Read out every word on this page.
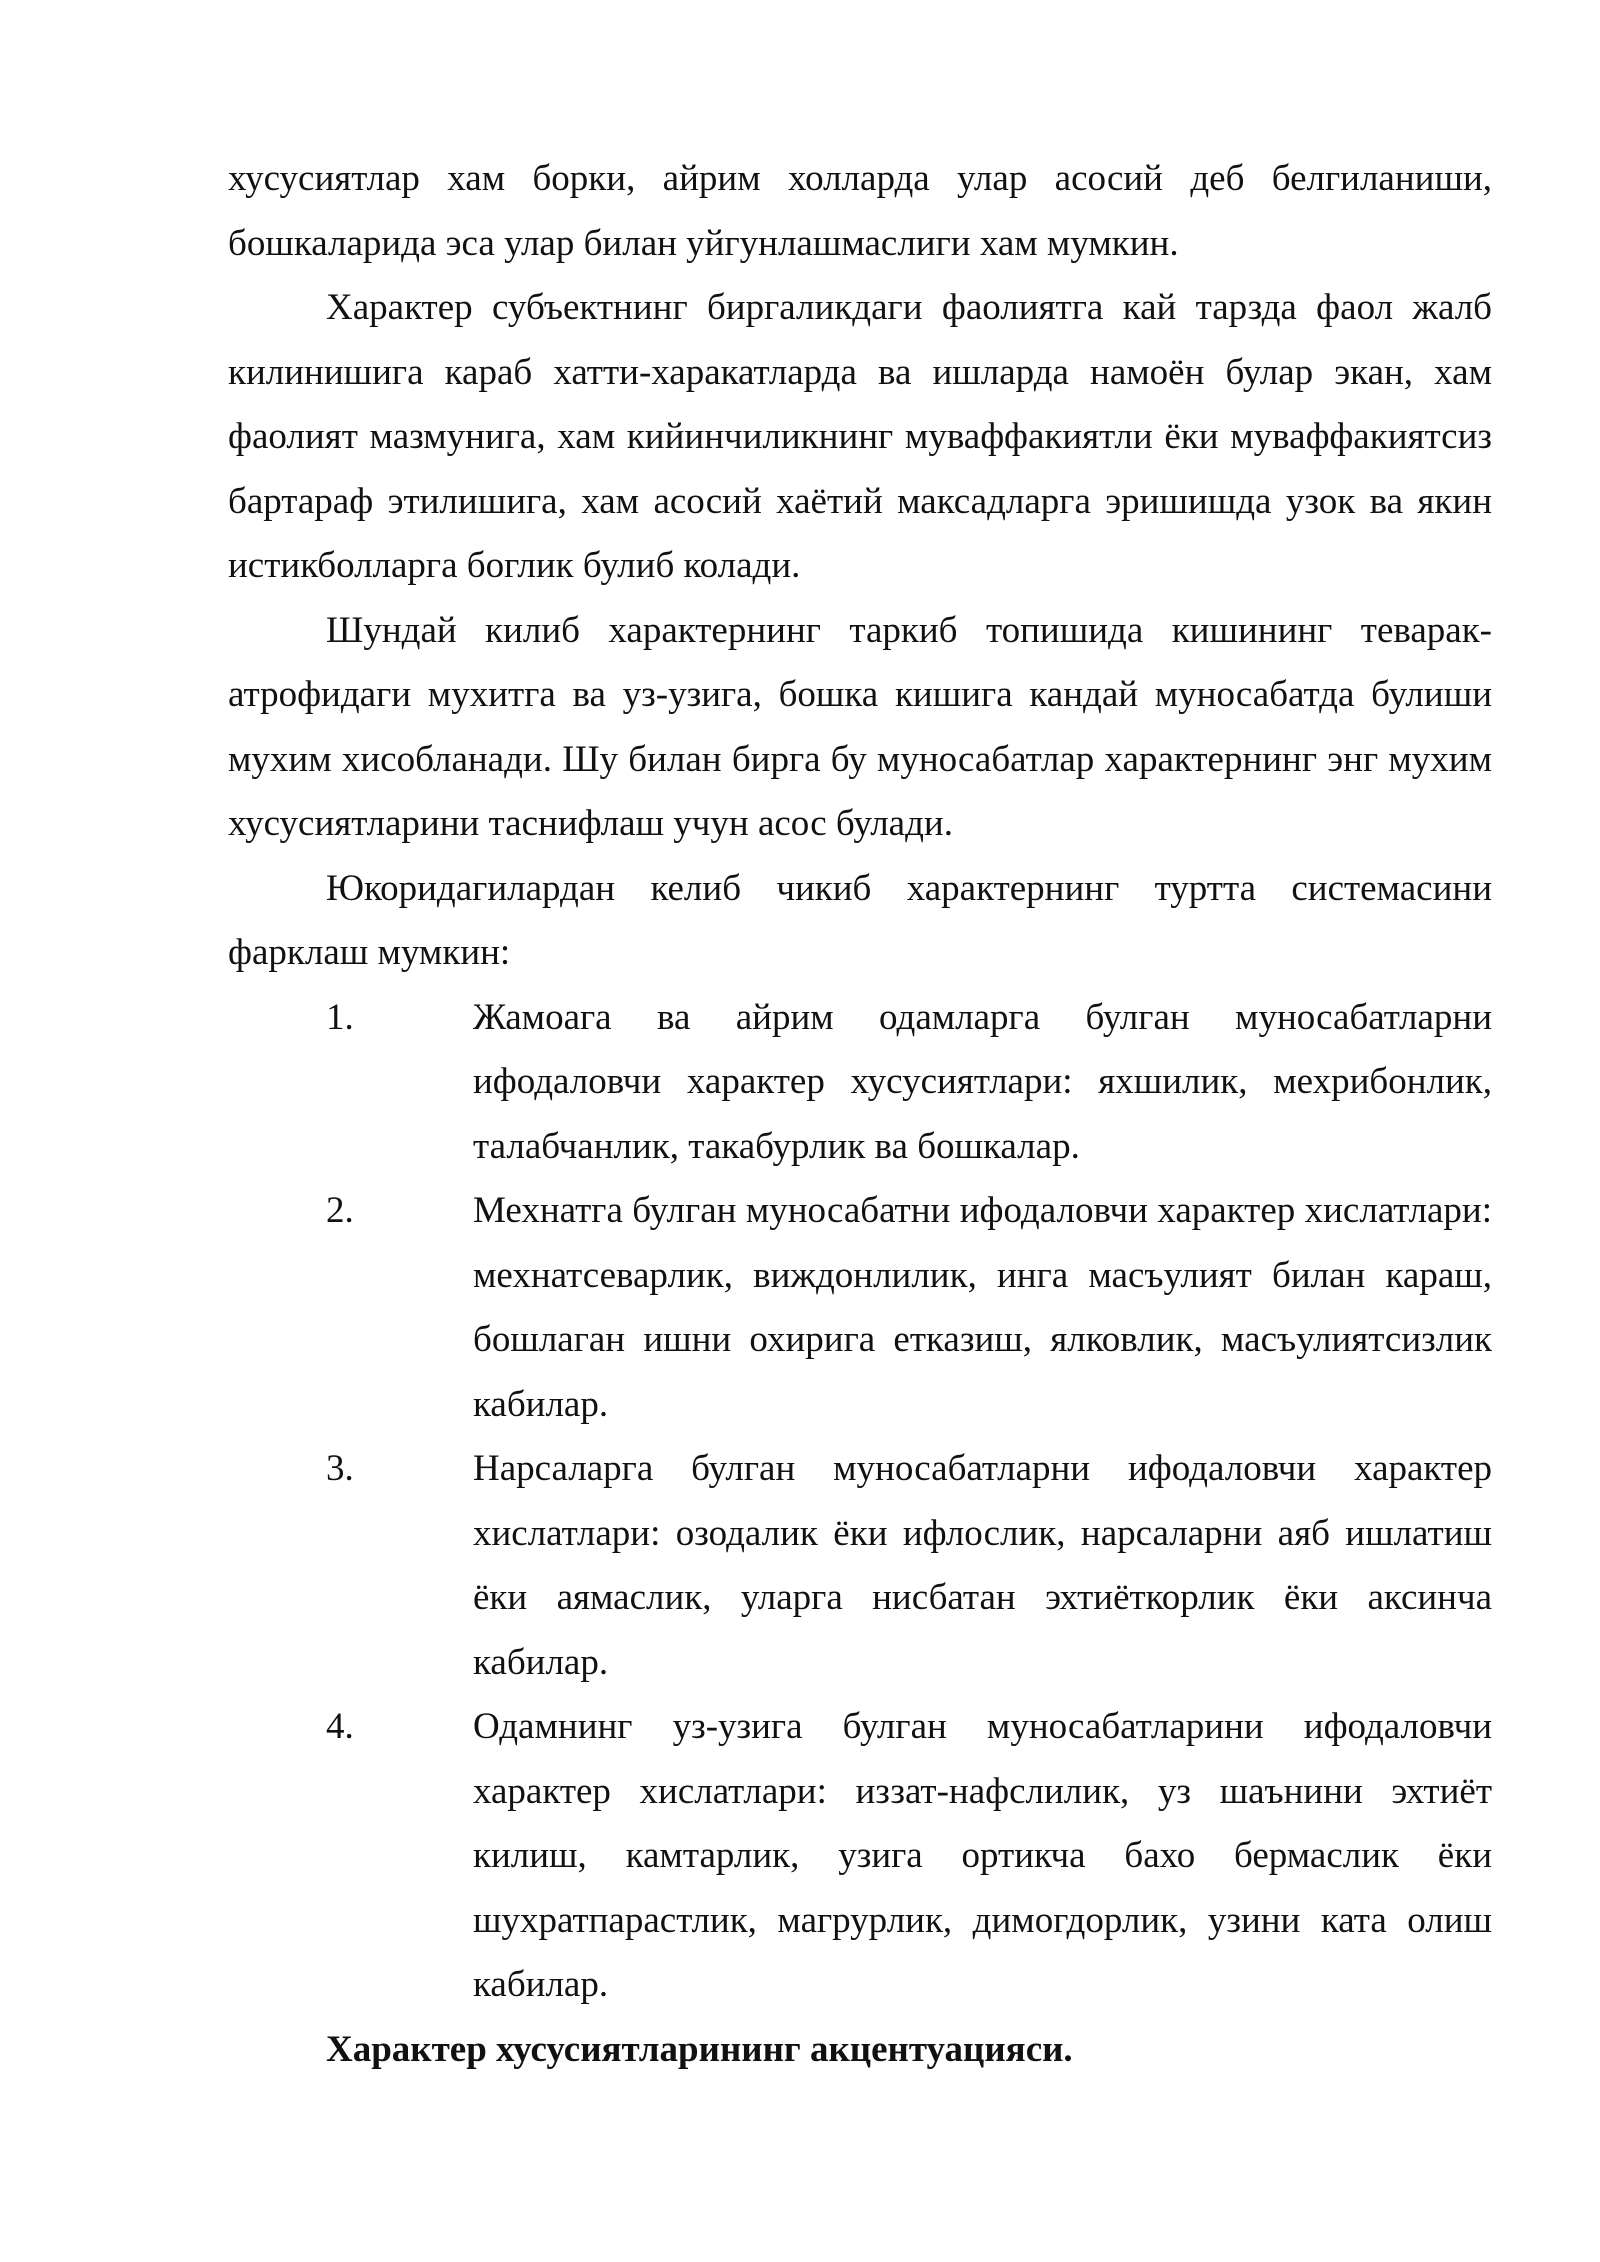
хусусиятлар хам борки, айрим холларда улар асосий деб белгиланиши, бошкаларида эса улар билан уйгунлашмаслиги хам мумкин.

Характер субъектнинг биргаликдаги фаолиятга кай тарзда фаол жалб килинишига караб хатти-харакатларда ва ишларда намоён булар экан, хам фаолият мазмунига, хам кийинчиликнинг муваффакиятли ёки муваффакиятсиз бартараф этилишига, хам асосий хаётий максадларга эришишда узок ва якин истикболларга боглик булиб колади.

Шундай килиб характернинг таркиб топишида кишининг теварак-атрофидаги мухитга ва уз-узига, бошка кишига кандай муносабатда булиши мухим хисобланади. Шу билан бирга бу муносабатлар характернинг энг мухим хусусиятларини таснифлаш учун асос булади.

Юкоридагилардан келиб чикиб характернинг туртта системасини фарклаш мумкин:

1.	Жамоага ва айрим одамларга булган муносабатларни ифодаловчи характер хусусиятлари: яхшилик, мехрибонлик, талабчанлик, такабурлик ва бошкалар.
2.	Мехнатга булган муносабатни ифодаловчи характер хислатлари: мехнатсеварлик, виждонлилик, инга масъулият билан караш, бошлаган ишни охирига етказиш, ялковлик, масъулиятсизлик кабилар.
3.	Нарсаларга булган муносабатларни ифодаловчи характер хислатлари: озодалик ёки ифлослик, нарсаларни аяб ишлатиш ёки аямаслик, уларга нисбатан эхтиёткорлик ёки аксинча кабилар.
4.	Одамнинг уз-узига булган муносабатларини ифодаловчи характер хислатлари: иззат-нафслилик, уз шаънини эхтиёт килиш, камтарлик, узига ортикча бахо бермаслик ёки шухратпарастлик, магрурлик, димогдорлик, узини ката олиш кабилар.

Характер хусусиятларининг акцентуацияси.
